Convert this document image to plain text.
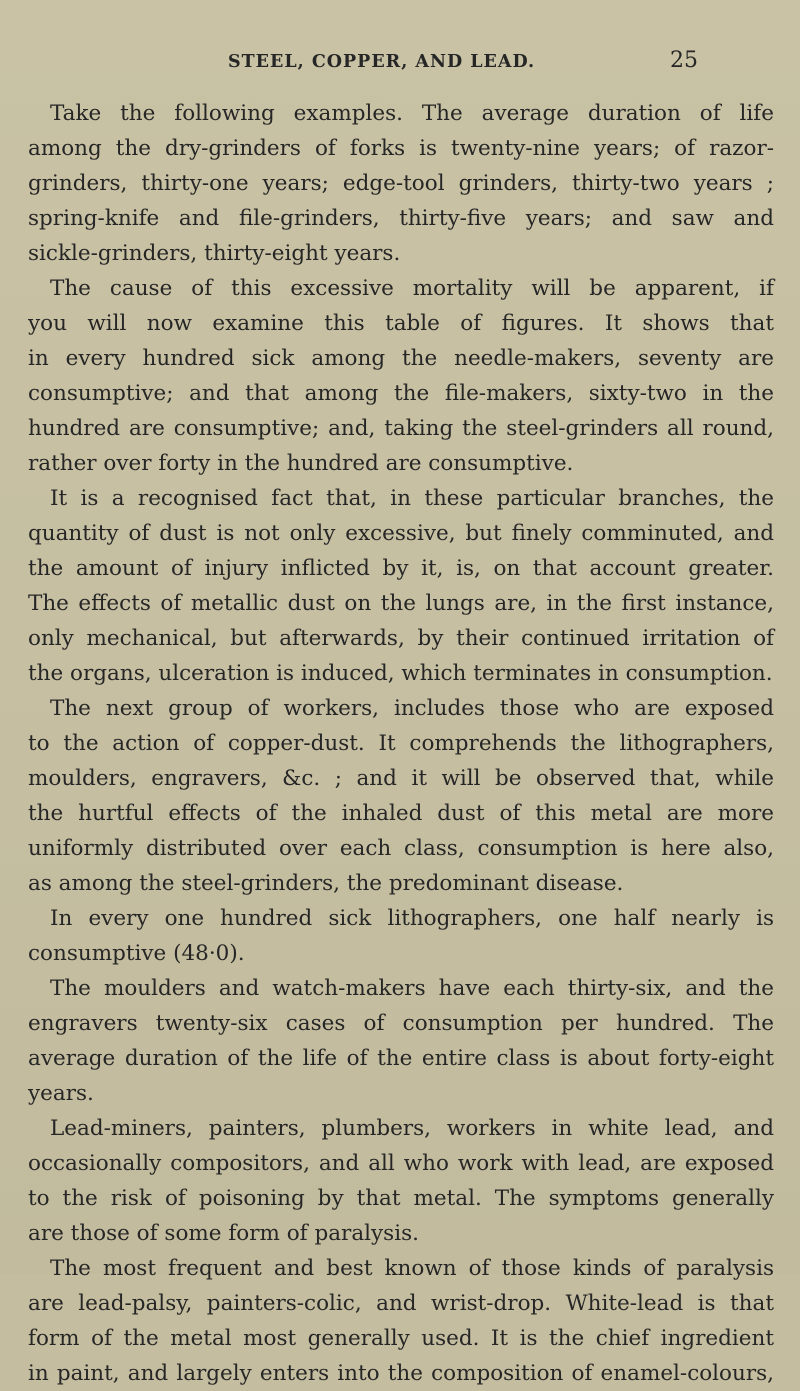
STEEL, COPPER, AND LEAD.	25
Take the following examples. The average duration of life
among the dry-grinders of forks is twenty-nine years; of razor-
grinders, thirty-one years; edge-tool grinders, thirty-two years ;
spring-knife and file-grinders, thirty-five years; and saw and
sickle-grinders, thirty-eight years.
The cause of this excessive mortality will be apparent, if
you will now examine this table of figures. It shows that
in every hundred sick among the needle-makers, seventy are
consumptive; and that among the file-makers, sixty-two in the
hundred are consumptive; and, taking the steel-grinders all round,
rather over forty in the hundred are consumptive.
It is a recognised fact that, in these particular branches, the
quantity of dust is not only excessive, but finely comminuted, and
the amount of injury inflicted by it, is, on that account greater.
The effects of metallic dust on the lungs are, in the first instance,
only mechanical, but afterwards, by their continued irritation of
the organs, ulceration is induced, which terminates in consumption.
The next group of workers, includes those who are exposed
to the action of copper-dust. It comprehends the lithographers,
moulders, engravers, &c. ; and it will be observed that, while
the hurtful effects of the inhaled dust of this metal are more
uniformly distributed over each class, consumption is here also,
as among the steel-grinders, the predominant disease.
In every one hundred sick lithographers, one half nearly is
consumptive (48·0).
The moulders and watch-makers have each thirty-six, and the
engravers twenty-six cases of consumption per hundred. The
average duration of the life of the entire class is about forty-eight
years.
Lead-miners, painters, plumbers, workers in white lead, and
occasionally compositors, and all who work with lead, are exposed
to the risk of poisoning by that metal. The symptoms generally
are those of some form of paralysis.
The most frequent and best known of those kinds of paralysis
are lead-palsy, painters-colic, and wrist-drop. White-lead is that
form of the metal most generally used. It is the chief ingredient
in paint, and largely enters into the composition of enamel-colours,
